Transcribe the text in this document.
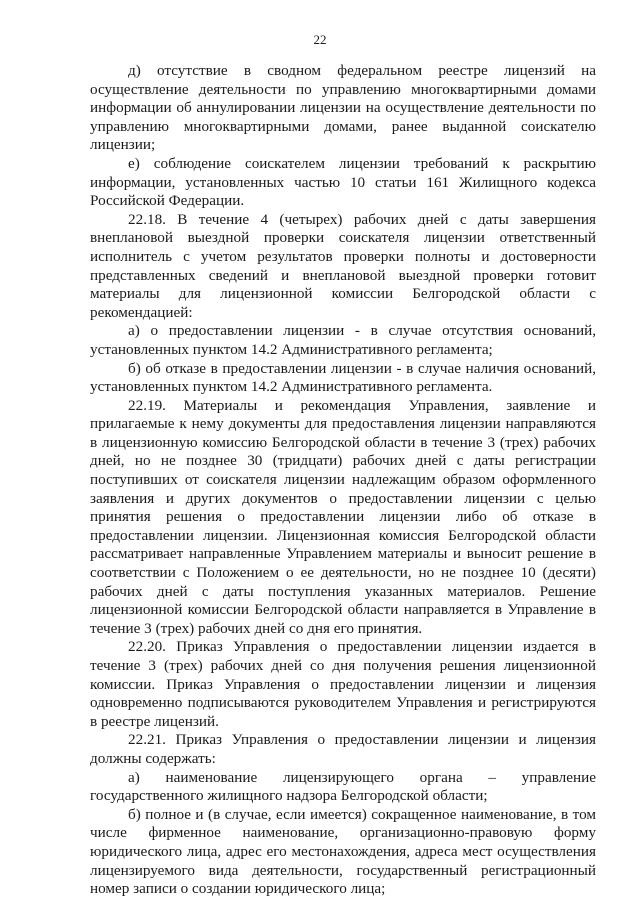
22

д) отсутствие в сводном федеральном реестре лицензий на осуществление деятельности по управлению многоквартирными домами информации об аннулировании лицензии на осуществление деятельности по управлению многоквартирными домами, ранее выданной соискателю лицензии;

е) соблюдение соискателем лицензии требований к раскрытию информации, установленных частью 10 статьи 161 Жилищного кодекса Российской Федерации.

22.18. В течение 4 (четырех) рабочих дней с даты завершения внеплановой выездной проверки соискателя лицензии ответственный исполнитель с учетом результатов проверки полноты и достоверности представленных сведений и внеплановой выездной проверки готовит материалы для лицензионной комиссии Белгородской области с рекомендацией:

а) о предоставлении лицензии - в случае отсутствия оснований, установленных пунктом 14.2 Административного регламента;

б) об отказе в предоставлении лицензии - в случае наличия оснований, установленных пунктом 14.2 Административного регламента.

22.19. Материалы и рекомендация Управления, заявление и прилагаемые к нему документы для предоставления лицензии направляются в лицензионную комиссию Белгородской области в течение 3 (трех) рабочих дней, но не позднее 30 (тридцати) рабочих дней с даты регистрации поступивших от соискателя лицензии надлежащим образом оформленного заявления и других документов о предоставлении лицензии с целью принятия решения о предоставлении лицензии либо об отказе в предоставлении лицензии. Лицензионная комиссия Белгородской области рассматривает направленные Управлением материалы и выносит решение в соответствии с Положением о ее деятельности, но не позднее 10 (десяти) рабочих дней с даты поступления указанных материалов. Решение лицензионной комиссии Белгородской области направляется в Управление в течение 3 (трех) рабочих дней со дня его принятия.

22.20. Приказ Управления о предоставлении лицензии издается в течение 3 (трех) рабочих дней со дня получения решения лицензионной комиссии. Приказ Управления о предоставлении лицензии и лицензия одновременно подписываются руководителем Управления и регистрируются в реестре лицензий.

22.21. Приказ Управления о предоставлении лицензии и лицензия должны содержать:

а) наименование лицензирующего органа – управление государственного жилищного надзора Белгородской области;

б) полное и (в случае, если имеется) сокращенное наименование, в том числе фирменное наименование, организационно-правовую форму юридического лица, адрес его местонахождения, адреса мест осуществления лицензируемого вида деятельности, государственный регистрационный номер записи о создании юридического лица;
